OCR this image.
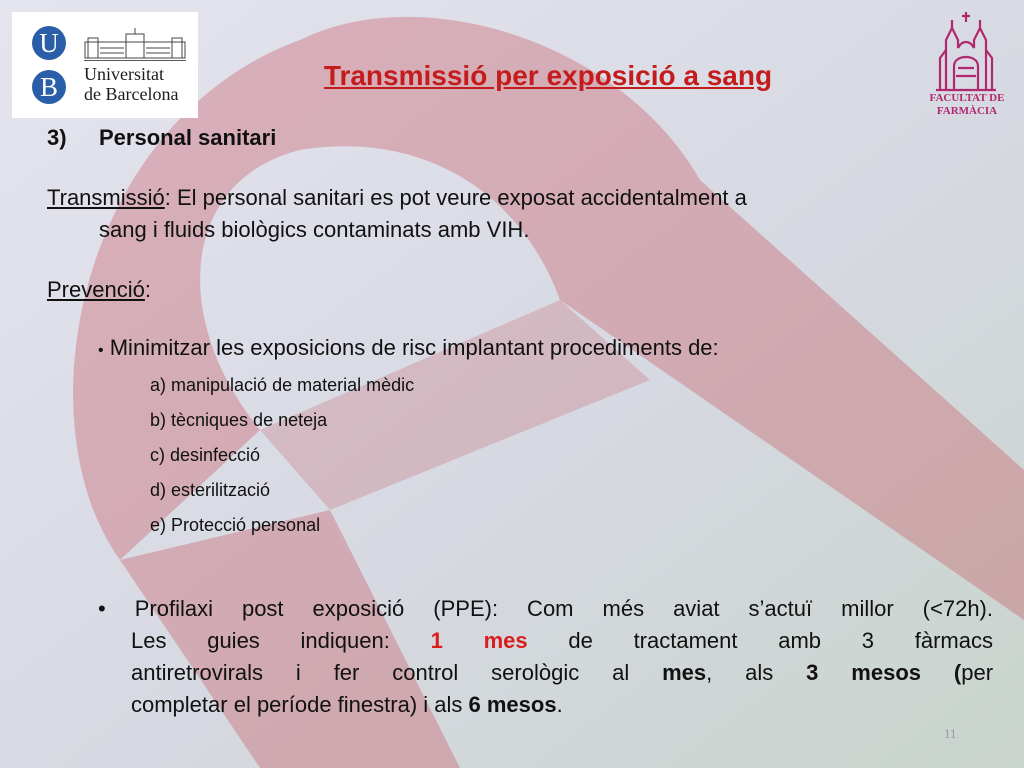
U
B	Universitat
de Barcelona	FACULTAT DE
FARMÀCIA
Transmissió per exposició a sang
3) Personal sanitari
Transmissió: El personal sanitari es pot veure exposat accidentalment a
sang i fluids biològics contaminats amb VIH.
Prevenció:
• Minimitzar les exposicions de risc implantant procediments de:
a) manipulació de material mèdic
b) tècniques de neteja
c) desinfecció
d) esterilització
e) Protecció personal
• Profilaxi post exposició (PPE): Com més aviat s’actuï millor (<72h).
Les guies indiquen: 1 mes de tractament amb 3 fàrmacs
antiretrovirals i fer control serològic al mes, als 3 mesos (per
completar el període finestra) i als 6 mesos.
11
